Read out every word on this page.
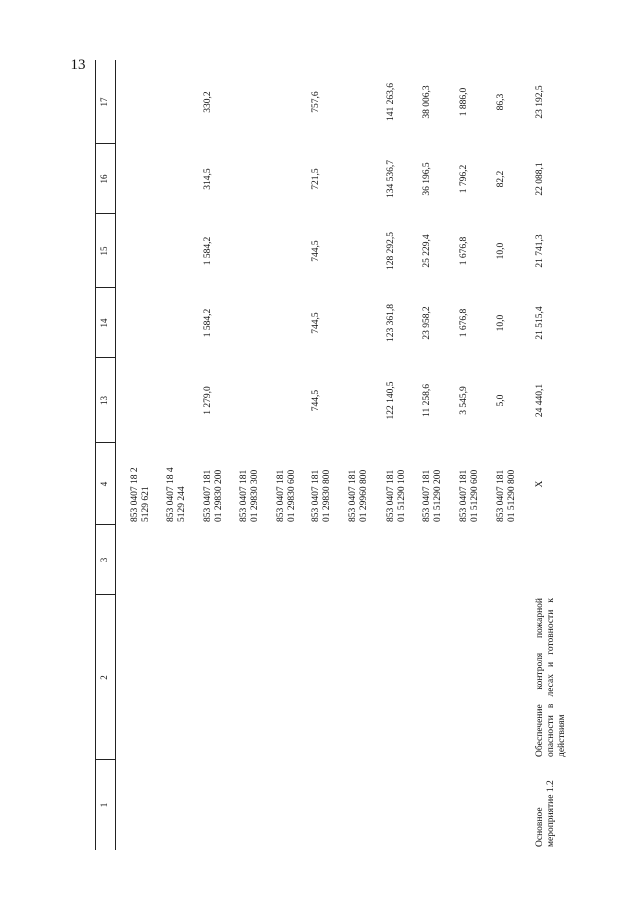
13
1
2
3
4
13
14
15
16
17
853 0407 18 2
5129 621
853 0407 18 4
5129 244
853 0407 181
01 29830 200
1 279,0
1 584,2
1 584,2
314,5
330,2
853 0407 181
01 29830 300
853 0407 181
01 29830 600
853 0407 181
01 29830 800
744,5
744,5
744,5
721,5
757,6
853 0407 181
01 29960 800
853 0407 181
01 51290 100
122 140,5
123 361,8
128 292,5
134 536,7
141 263,6
853 0407 181
01 51290 200
11 258,6
23 958,2
25 229,4
36 196,5
38 006,3
853 0407 181
01 51290 600
3 545,9
1 676,8
1 676,8
1 796,2
1 886,0
853 0407 181
01 51290 800
5,0
10,0
10,0
82,2
86,3
Основное
мероприятие 1.2
Обеспечение контроля пожарной опасности в лесах и готовности к действиям
Х
24 440,1
21 515,4
21 741,3
22 088,1
23 192,5
